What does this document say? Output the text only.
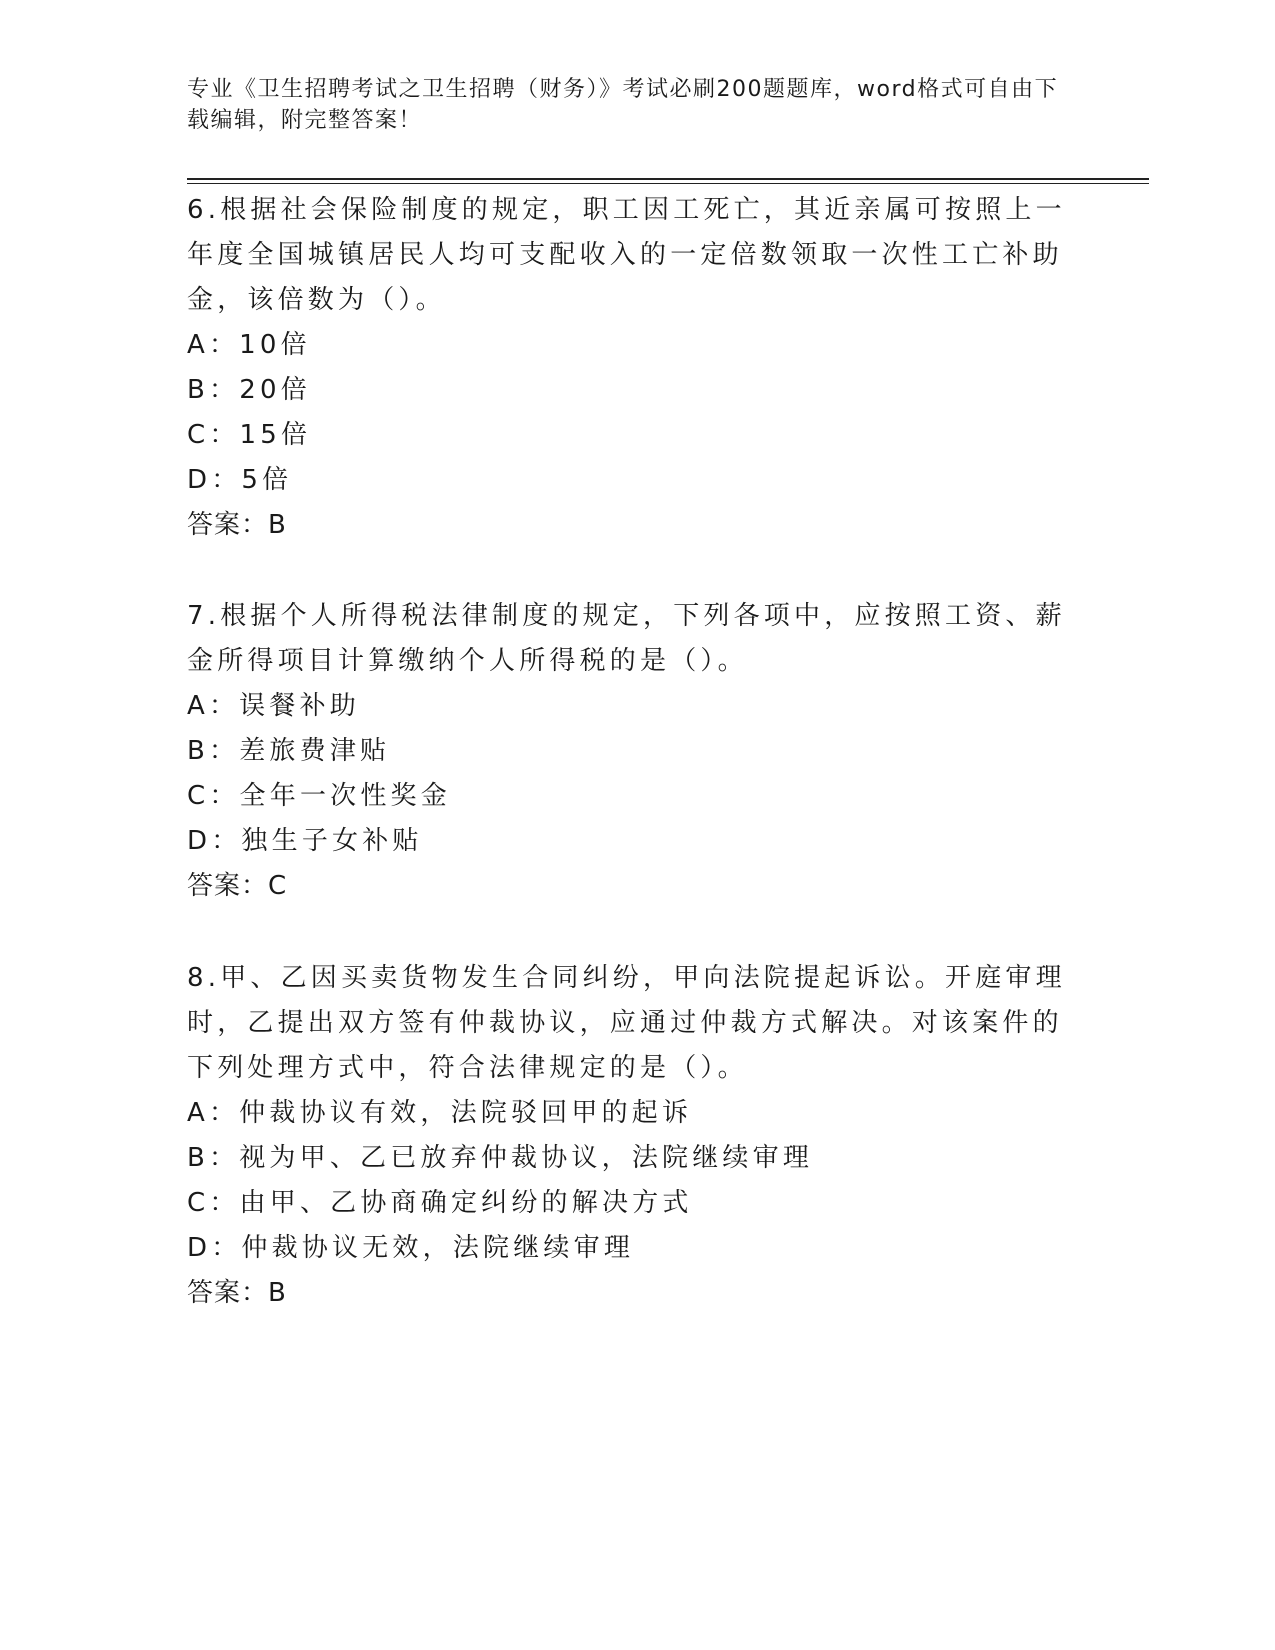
专业《卫生招聘考试之卫生招聘（财务）》考试必刷200题题库，word格式可自由下载编辑，附完整答案！

6.根据社会保险制度的规定，职工因工死亡，其近亲属可按照上一年度全国城镇居民人均可支配收入的一定倍数领取一次性工亡补助金，该倍数为（）。

A：10倍

B：20倍

C：15倍

D：5倍

答案：B

7.根据个人所得税法律制度的规定，下列各项中，应按照工资、薪金所得项目计算缴纳个人所得税的是（）。

A：误餐补助

B：差旅费津贴

C：全年一次性奖金

D：独生子女补贴

答案：C

8.甲、乙因买卖货物发生合同纠纷，甲向法院提起诉讼。开庭审理时，乙提出双方签有仲裁协议，应通过仲裁方式解决。对该案件的下列处理方式中，符合法律规定的是（）。

A：仲裁协议有效，法院驳回甲的起诉

B：视为甲、乙已放弃仲裁协议，法院继续审理

C：由甲、乙协商确定纠纷的解决方式

D：仲裁协议无效，法院继续审理

答案：B
